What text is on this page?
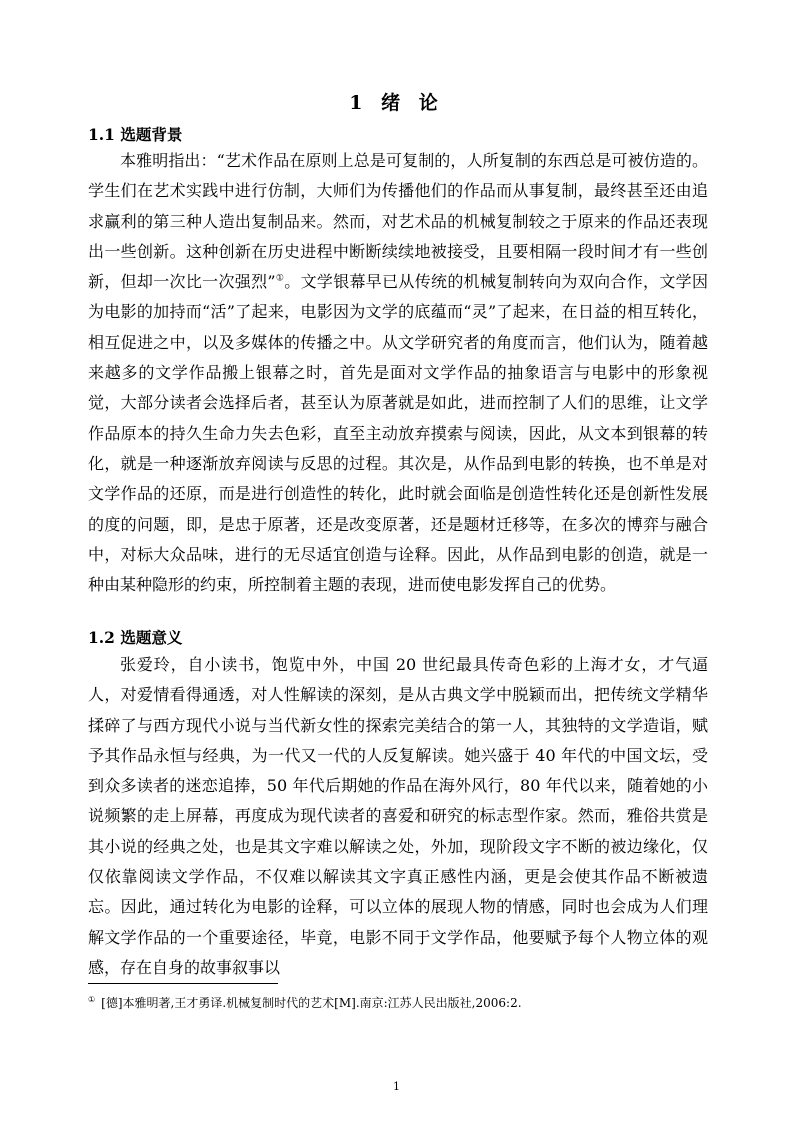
1 绪 论
1.1 选题背景

本雅明指出：“艺术作品在原则上总是可复制的，人所复制的东西总是可被仿造的。学生们在艺术实践中进行仿制，大师们为传播他们的作品而从事复制，最终甚至还由追求赢利的第三种人造出复制品来。然而，对艺术品的机械复制较之于原来的作品还表现出一些创新。这种创新在历史进程中断断续续地被接受，且要相隔一段时间才有一些创新，但却一次比一次强烈”①。文学银幕早已从传统的机械复制转向为双向合作，文学因为电影的加持而“活”了起来，电影因为文学的底蕴而“灵”了起来，在日益的相互转化，相互促进之中，以及多媒体的传播之中。从文学研究者的角度而言，他们认为，随着越来越多的文学作品搬上银幕之时，首先是面对文学作品的抽象语言与电影中的形象视觉，大部分读者会选择后者，甚至认为原著就是如此，进而控制了人们的思维，让文学作品原本的持久生命力失去色彩，直至主动放弃摸索与阅读，因此，从文本到银幕的转化，就是一种逐渐放弃阅读与反思的过程。其次是，从作品到电影的转换，也不单是对文学作品的还原，而是进行创造性的转化，此时就会面临是创造性转化还是创新性发展的度的问题，即，是忠于原著，还是改变原著，还是题材迁移等，在多次的博弈与融合中，对标大众品味，进行的无尽适宜创造与诠释。因此，从作品到电影的创造，就是一种由某种隐形的约束，所控制着主题的表现，进而使电影发挥自己的优势。

1.2 选题意义

张爱玲，自小读书，饱览中外，中国 20 世纪最具传奇色彩的上海才女，才气逼人，对爱情看得通透，对人性解读的深刻，是从古典文学中脱颖而出，把传统文学精华揉碎了与西方现代小说与当代新女性的探索完美结合的第一人，其独特的文学造诣，赋予其作品永恒与经典，为一代又一代的人反复解读。她兴盛于 40 年代的中国文坛，受到众多读者的迷恋追捧，50 年代后期她的作品在海外风行，80 年代以来，随着她的小说频繁的走上屏幕，再度成为现代读者的喜爱和研究的标志型作家。然而，雅俗共赏是其小说的经典之处，也是其文字难以解读之处，外加，现阶段文字不断的被边缘化，仅仅依靠阅读文学作品，不仅难以解读其文字真正感性内涵，更是会使其作品不断被遗忘。因此，通过转化为电影的诠释，可以立体的展现人物的情感，同时也会成为人们理解文学作品的一个重要途径，毕竟，电影不同于文学作品，他要赋予每个人物立体的观感，存在自身的故事叙事以

① [德]本雅明著,王才勇译.机械复制时代的艺术[M].南京:江苏人民出版社,2006:2.
1
